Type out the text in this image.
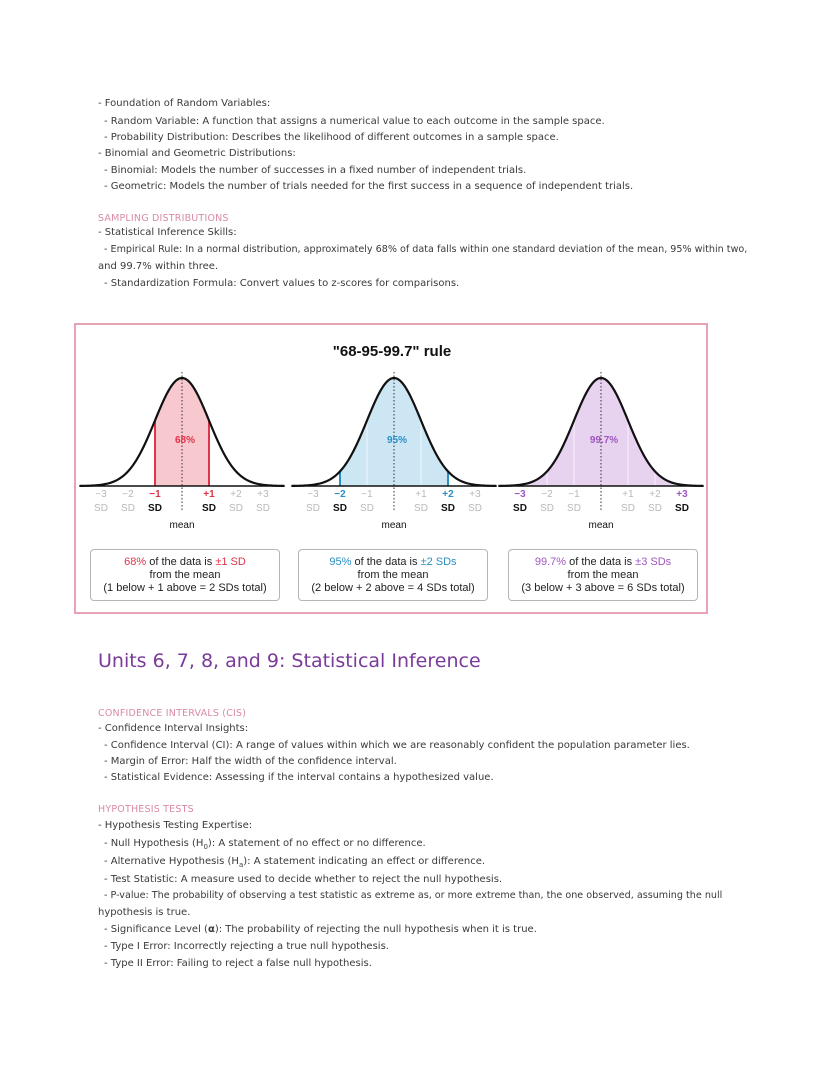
- Foundation of Random Variables:
- Random Variable: A function that assigns a numerical value to each outcome in the sample space.
- Probability Distribution: Describes the likelihood of different outcomes in a sample space.
- Binomial and Geometric Distributions:
- Binomial: Models the number of successes in a fixed number of independent trials.
- Geometric: Models the number of trials needed for the first success in a sequence of independent trials.
SAMPLING DISTRIBUTIONS
- Statistical Inference Skills:
- Empirical Rule: In a normal distribution, approximately 68% of data falls within one standard deviation of the mean, 95% within two,
and 99.7% within three.
- Standardization Formula: Convert values to z-scores for comparisons.
"68-95-99.7" rule
68%
−3
SD
−2
SD
−1
SD
+1
SD
+2
SD
+3
SD
mean
95%
−3
SD
−2
SD
−1
SD
+1
SD
+2
SD
+3
SD
mean
99.7%
−3
SD
−2
SD
−1
SD
+1
SD
+2
SD
+3
SD
mean
68% of the data is ±1 SD
from the mean
(1 below + 1 above = 2 SDs total)
95% of the data is ±2 SDs
from the mean
(2 below + 2 above = 4 SDs total)
99.7% of the data is ±3 SDs
from the mean
(3 below + 3 above = 6 SDs total)
Units 6, 7, 8, and 9: Statistical Inference
CONFIDENCE INTERVALS (CIS)
- Confidence Interval Insights:
- Confidence Interval (CI): A range of values within which we are reasonably confident the population parameter lies.
- Margin of Error: Half the width of the confidence interval.
- Statistical Evidence: Assessing if the interval contains a hypothesized value.
HYPOTHESIS TESTS
- Hypothesis Testing Expertise:
- Null Hypothesis $(H_0)$: A statement of no effect or no difference.
- Alternative Hypothesis $(H_a)$: A statement indicating an effect or difference.
- Test Statistic: A measure used to decide whether to reject the null hypothesis.
- P-value: The probability of observing a test statistic as extreme as, or more extreme than, the one observed, assuming the null
hypothesis is true.
- Significance Level (α): The probability of rejecting the null hypothesis when it is true.
- Type I Error: Incorrectly rejecting a true null hypothesis.
- Type II Error: Failing to reject a false null hypothesis.
